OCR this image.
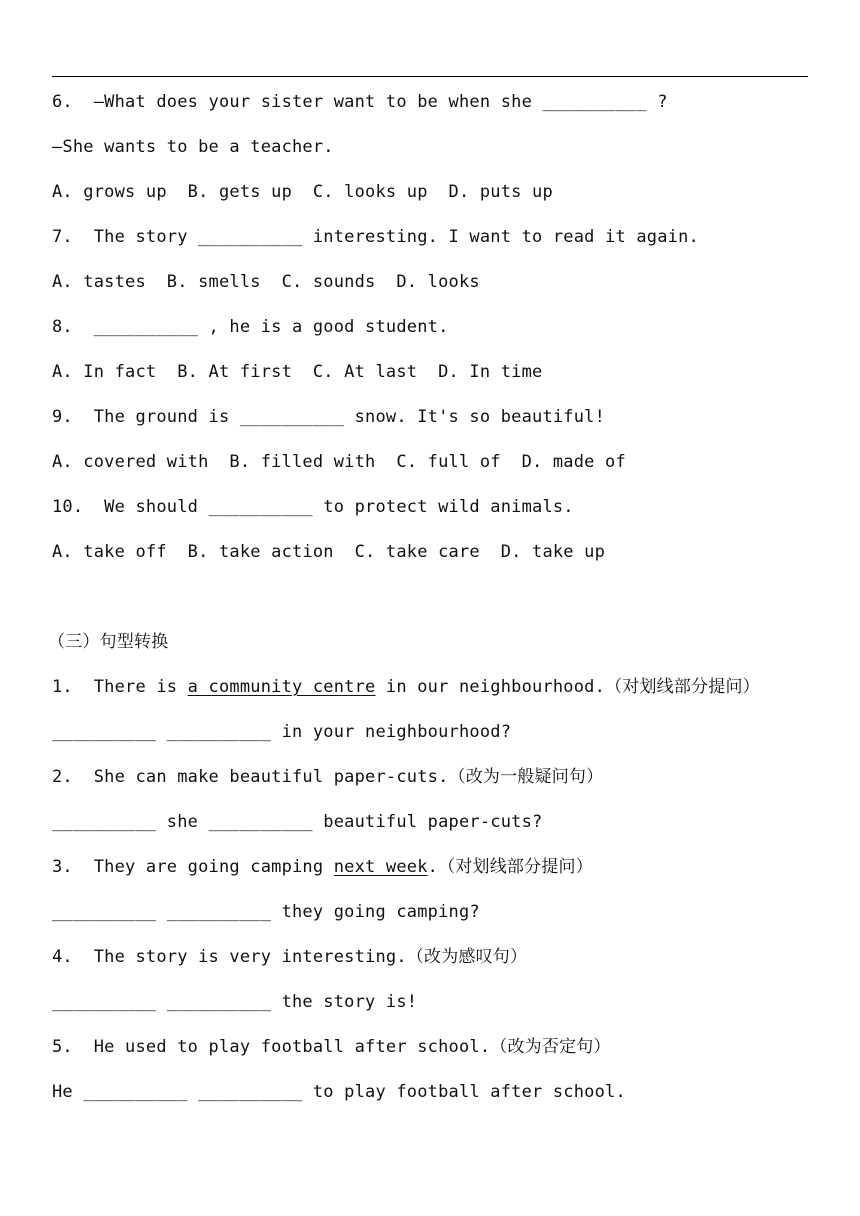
6.  —What does your sister want to be when she __________ ?
—She wants to be a teacher.
A. grows up  B. gets up  C. looks up  D. puts up
7.  The story __________ interesting. I want to read it again.
A. tastes  B. smells  C. sounds  D. looks
8.  __________ , he is a good student.
A. In fact  B. At first  C. At last  D. In time
9.  The ground is __________ snow. It's so beautiful!
A. covered with  B. filled with  C. full of  D. made of
10.  We should __________ to protect wild animals.
A. take off  B. take action  C. take care  D. take up
（三）句型转换
1.  There is a community centre in our neighbourhood.（对划线部分提问）
__________ __________ in your neighbourhood?
2.  She can make beautiful paper-cuts.（改为一般疑问句）
__________ she __________ beautiful paper-cuts?
3.  They are going camping next week.（对划线部分提问）
__________ __________ they going camping?
4.  The story is very interesting.（改为感叹句）
__________ __________ the story is!
5.  He used to play football after school.（改为否定句）
He __________ __________ to play football after school.
